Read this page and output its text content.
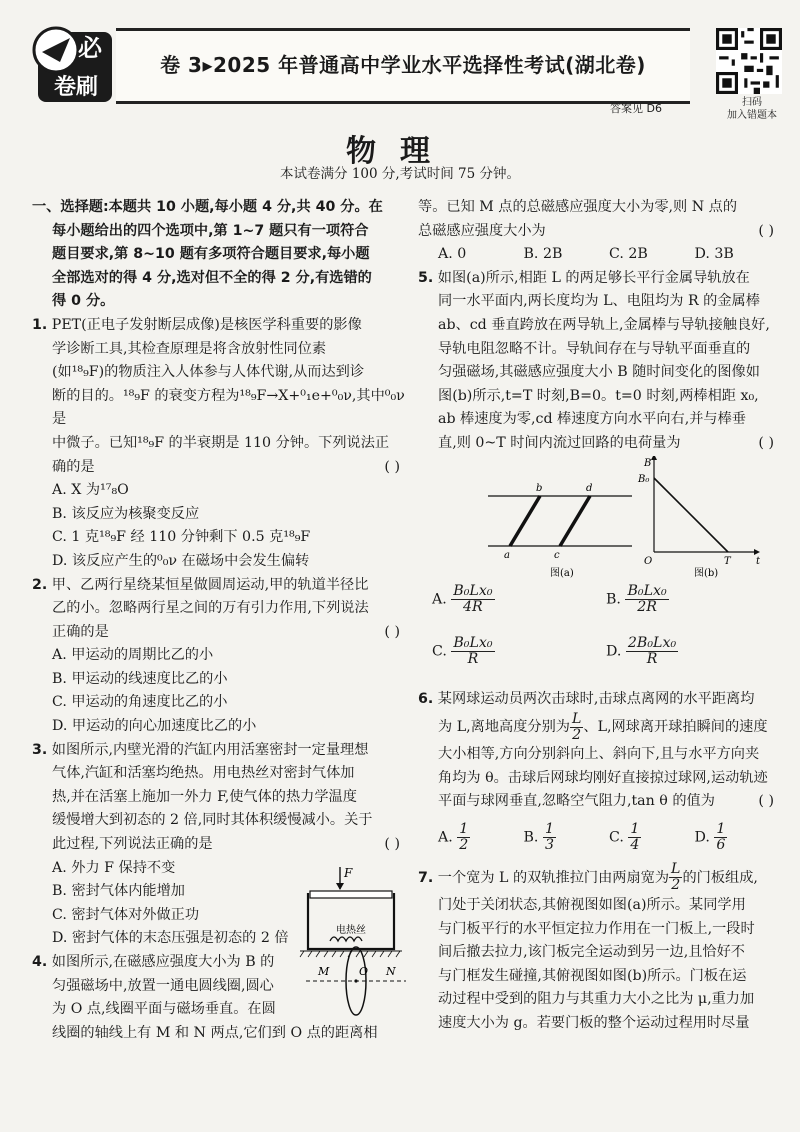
必
卷刷
卷 3▸2025 年普通高中学业水平选择性考试(湖北卷)
答案见 D6	扫码
加入错题本
物理
本试卷满分 100 分,考试时间 75 分钟。

一、选择题:本题共 10 小题,每小题 4 分,共 40 分。在

每小题给出的四个选项中,第 1~7 题只有一项符合

题目要求,第 8~10 题有多项符合题目要求,每小题

全部选对的得 4 分,选对但不全的得 2 分,有选错的

得 0 分。

1. PET(正电子发射断层成像)是核医学科重要的影像

学诊断工具,其检查原理是将含放射性同位素

(如¹⁸₉F)的物质注入人体参与人体代谢,从而达到诊

断的目的。¹⁸₉F 的衰变方程为¹⁸₉F→X+⁰₁e+⁰₀ν,其中⁰₀ν 是

中微子。已知¹⁸₉F 的半衰期是 110 分钟。下列说法正

确的是	( )

A. X 为¹⁷₈O

B. 该反应为核聚变反应

C. 1 克¹⁸₉F 经 110 分钟剩下 0.5 克¹⁸₉F

D. 该反应产生的⁰₀ν 在磁场中会发生偏转

2. 甲、乙两行星绕某恒星做圆周运动,甲的轨道半径比

乙的小。忽略两行星之间的万有引力作用,下列说法

正确的是	( )

A. 甲运动的周期比乙的小

B. 甲运动的线速度比乙的小

C. 甲运动的角速度比乙的小

D. 甲运动的向心加速度比乙的小

3. 如图所示,内壁光滑的汽缸内用活塞密封一定量理想

气体,汽缸和活塞均绝热。用电热丝对密封气体加

热,并在活塞上施加一外力 F,使气体的热力学温度

缓慢增大到初态的 2 倍,同时其体积缓慢减小。关于

此过程,下列说法正确的是	( )

A. 外力 F 保持不变

B. 密封气体内能增加

C. 密封气体对外做正功

D. 密封气体的末态压强是初态的 2 倍

F
电热丝

4. 如图所示,在磁感应强度大小为 B 的

匀强磁场中,放置一通电圆线圈,圆心

为 O 点,线圈平面与磁场垂直。在圆

线圈的轴线上有 M 和 N 两点,它们到 O 点的距离相

M	O N

等。已知 M 点的总磁感应强度大小为零,则 N 点的

总磁感应强度大小为	( )

A. 0	B. 2B	C. 2B	D. 3B

5. 如图(a)所示,相距 L 的两足够长平行金属导轨放在

同一水平面内,两长度均为 L、电阻均为 R 的金属棒

ab、cd 垂直跨放在两导轨上,金属棒与导轨接触良好,

导轨电阻忽略不计。导轨间存在与导轨平面垂直的

匀强磁场,其磁感应强度大小 B 随时间变化的图像如

图(b)所示,t=T 时刻,B=0。t=0 时刻,两棒相距 x₀,

ab 棒速度为零,cd 棒速度方向水平向右,并与棒垂

直,则 0~T 时间内流过回路的电荷量为	( )

a
b
c
d
图(a)
B
B₀
O	T	t
图(b)
A. $\frac{\text{B₀Lx₀}}{4R}$	B. $\frac{\text{B₀Lx₀}}{2R}$
C. $\frac{\text{B₀Lx₀}}{R}$	D. $\frac{\text{2B₀Lx₀}}{R}$

6. 某网球运动员两次击球时,击球点离网的水平距离均

为 L,离地高度分别为 $\frac{L}{2}$ 、L,网球离开球拍瞬间的速度

大小相等,方向分别斜向上、斜向下,且与水平方向夹

角均为 θ。击球后网球均刚好直接掠过球网,运动轨迹

平面与球网垂直,忽略空气阻力,tan θ 的值为	( )

A. $\frac{1}{2}$	B. $\frac{1}{3}$	C. $\frac{1}{4}$	D. $\frac{1}{6}$

7. 一个宽为 L 的双轨推拉门由两扇宽为 $\frac{L}{2}$ 的门板组成,

门处于关闭状态,其俯视图如图(a)所示。某同学用

与门板平行的水平恒定拉力作用在一门板上,一段时

间后撤去拉力,该门板完全运动到另一边,且恰好不

与门框发生碰撞,其俯视图如图(b)所示。门板在运

动过程中受到的阻力与其重力大小之比为 μ,重力加

速度大小为 g。若要门板的整个运动过程用时尽量
